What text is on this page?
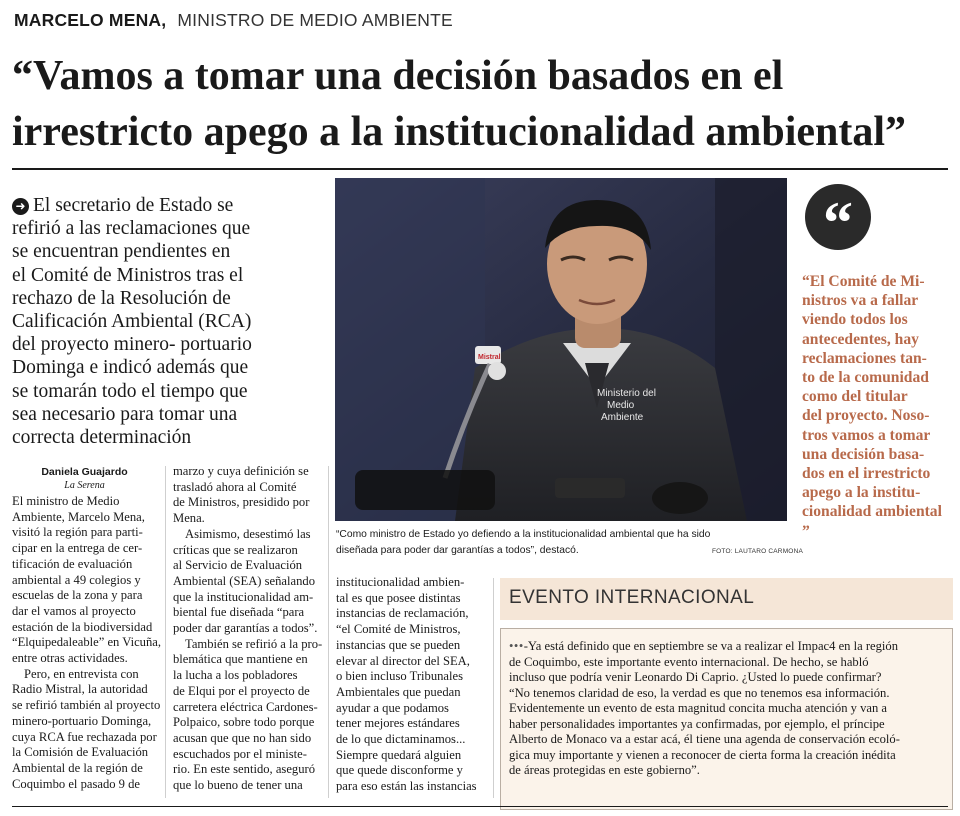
MARCELO MENA, MINISTRO DE MEDIO AMBIENTE
“Vamos a tomar una decisión basados en el
irrestricto apego a la institucionalidad ambiental”
➜ El secretario de Estado se
refirió a las reclamaciones que
se encuentran pendientes en
el Comité de Ministros tras el
rechazo de la Resolución de
Calificación Ambiental (RCA)
del proyecto minero- portuario
Dominga e indicó además que
se tomarán todo el tiempo que
sea necesario para tomar una
correcta determinación
Daniela Guajardo
La Serena
El ministro de Medio
Ambiente, Marcelo Mena,
visitó la región para parti-
cipar en la entrega de cer-
tificación de evaluación
ambiental a 49 colegios y
escuelas de la zona y para
dar el vamos al proyecto
estación de la biodiversidad
“Elquipedaleable” en Vicuña,
entre otras actividades.
Pero, en entrevista con
Radio Mistral, la autoridad
se refirió también al proyecto
minero-portuario Dominga,
cuya RCA fue rechazada por
la Comisión de Evaluación
Ambiental de la región de
Coquimbo el pasado 9 de
marzo y cuya definición se
trasladó ahora al Comité
de Ministros, presidido por
Mena.
Asimismo, desestimó las
críticas que se realizaron
al Servicio de Evaluación
Ambiental (SEA) señalando
que la institucionalidad am-
biental fue diseñada “para
poder dar garantías a todos”.
También se refirió a la pro-
blemática que mantiene en
la lucha a los pobladores
de Elqui por el proyecto de
carretera eléctrica Cardones-
Polpaico, sobre todo porque
acusan que que no han sido
escuchados por el ministe-
rio. En este sentido, aseguró
que lo bueno de tener una
institucionalidad ambien-
tal es que posee distintas
instancias de reclamación,
“el Comité de Ministros,
instancias que se pueden
elevar al director del SEA,
o bien incluso Tribunales
Ambientales que puedan
ayudar a que podamos
tener mejores estándares
de lo que dictaminamos...
Siempre quedará alguien
que quede disconforme y
para eso están las instancias
Ministerio del
Medio
Ambiente
Mistral
“Como ministro de Estado yo defiendo a la institucionalidad ambiental que ha sido
diseñada para poder dar garantías a todos”, destacó.	FOTO: LAUTARO CARMONA
“
“El Comité de Mi-
nistros va a fallar
viendo todos los
antecedentes, hay
reclamaciones tan-
to de la comunidad
como del titular
del proyecto. Noso-
tros vamos a tomar
una decisión basa-
dos en el irrestricto
apego a la institu-
cionalidad ambiental
”
EVENTO INTERNACIONAL
•••-Ya está definido que en septiembre se va a realizar el Impac4 en la región
de Coquimbo, este importante evento internacional. De hecho, se habló
incluso que podría venir Leonardo Di Caprio. ¿Usted lo puede confirmar?
“No tenemos claridad de eso, la verdad es que no tenemos esa información.
Evidentemente un evento de esta magnitud concita mucha atención y van a
haber personalidades importantes ya confirmadas, por ejemplo, el príncipe
Alberto de Monaco va a estar acá, él tiene una agenda de conservación ecoló-
gica muy importante y vienen a reconocer de cierta forma la creación inédita
de áreas protegidas en este gobierno”.
